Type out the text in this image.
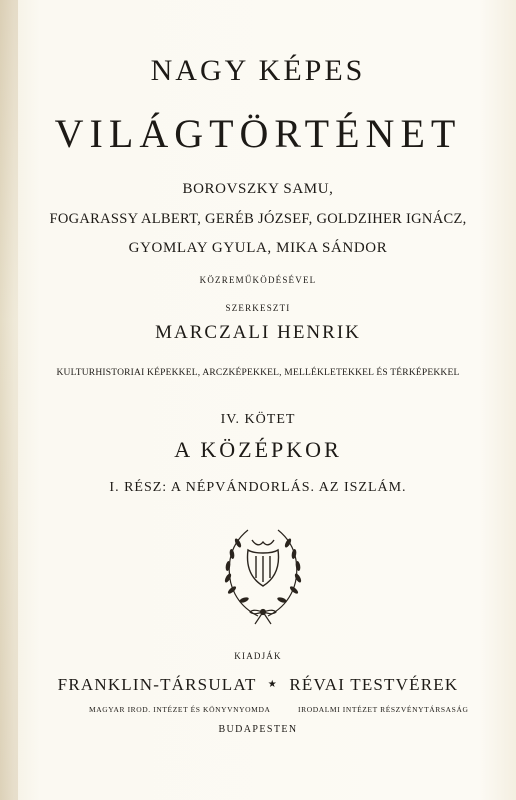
NAGY KÉPES
VILÁGTÖRTÉNET
BOROVSZKY SAMU,
FOGARASSY ALBERT, GERÉB JÓZSEF, GOLDZIHER IGNÁCZ,
GYOMLAY GYULA, MIKA SÁNDOR
KÖZREMŰKÖDÉSÉVEL
SZERKESZTI
MARCZALI HENRIK
KULTURHISTORIAI KÉPEKKEL, ARCZKÉPEKKEL, MELLÉKLETEKKEL ÉS TÉRKÉPEKKEL
IV. KÖTET
A KÖZÉPKOR
I. RÉSZ: A NÉPVÁNDORLÁS. AZ ISZLÁM.
KIADJÁK
FRANKLIN-TÁRSULAT ★ RÉVAI TESTVÉREK
MAGYAR IROD. INTÉZET ÉS KÖNYVNYOMDA	IRODALMI INTÉZET RÉSZVÉNYTÁRSASÁG
BUDAPESTEN
